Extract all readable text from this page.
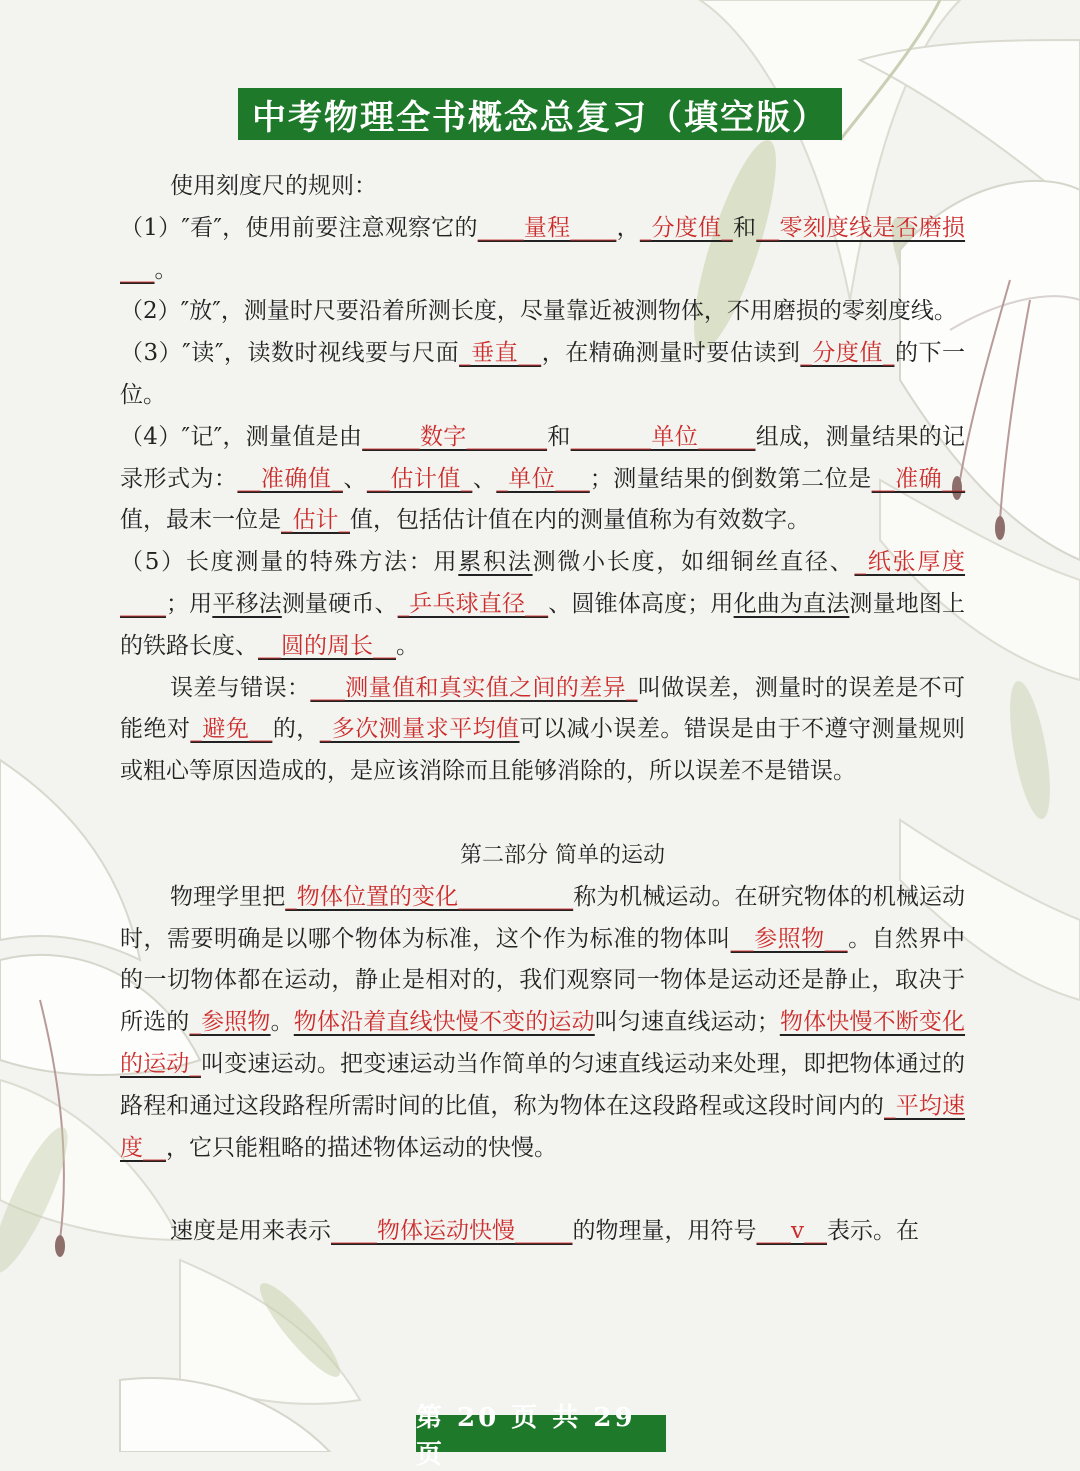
中考物理全书概念总复习（填空版）

使用刻度尺的规则：

（1）″看″，使用前要注意观察它的____量程____，_分度值_和__零刻度线是否磨损___。

（2）″放″，测量时尺要沿着所测长度，尽量靠近被测物体，不用磨损的零刻度线。

（3）″读″，读数时视线要与尺面_垂直__，在精确测量时要估读到_分度值_的下一位。

（4）″记″，测量值是由_____数字_______和_______单位_____组成，测量结果的记录形式为：__准确值_、__估计值_、_单位___；测量结果的倒数第二位是__准确__值，最末一位是_估计_值，包括估计值在内的测量值称为有效数字。

（5）长度测量的特殊方法：用累积法测微小长度，如细铜丝直径、_纸张厚度____；用平移法测量硬币、_乒乓球直径__、圆锥体高度；用化曲为直法测量地图上的铁路长度、__圆的周长__。

误差与错误：___测量值和真实值之间的差异_叫做误差，测量时的误差是不可能绝对_避免__的，_多次测量求平均值可以减小误差。错误是由于不遵守测量规则或粗心等原因造成的，是应该消除而且能够消除的，所以误差不是错误。

第二部分 简单的运动

物理学里把_物体位置的变化__________称为机械运动。在研究物体的机械运动时，需要明确是以哪个物体为标准，这个作为标准的物体叫__参照物__。自然界中的一切物体都在运动，静止是相对的，我们观察同一物体是运动还是静止，取决于所选的_参照物。物体沿着直线快慢不变的运动叫匀速直线运动；物体快慢不断变化的运动_叫变速运动。把变速运动当作简单的匀速直线运动来处理，即把物体通过的路程和通过这段路程所需时间的比值，称为物体在这段路程或这段时间内的_平均速度__，它只能粗略的描述物体运动的快慢。

速度是用来表示____物体运动快慢_____的物理量，用符号___v__表示。在

第 20 页 共 29 页
